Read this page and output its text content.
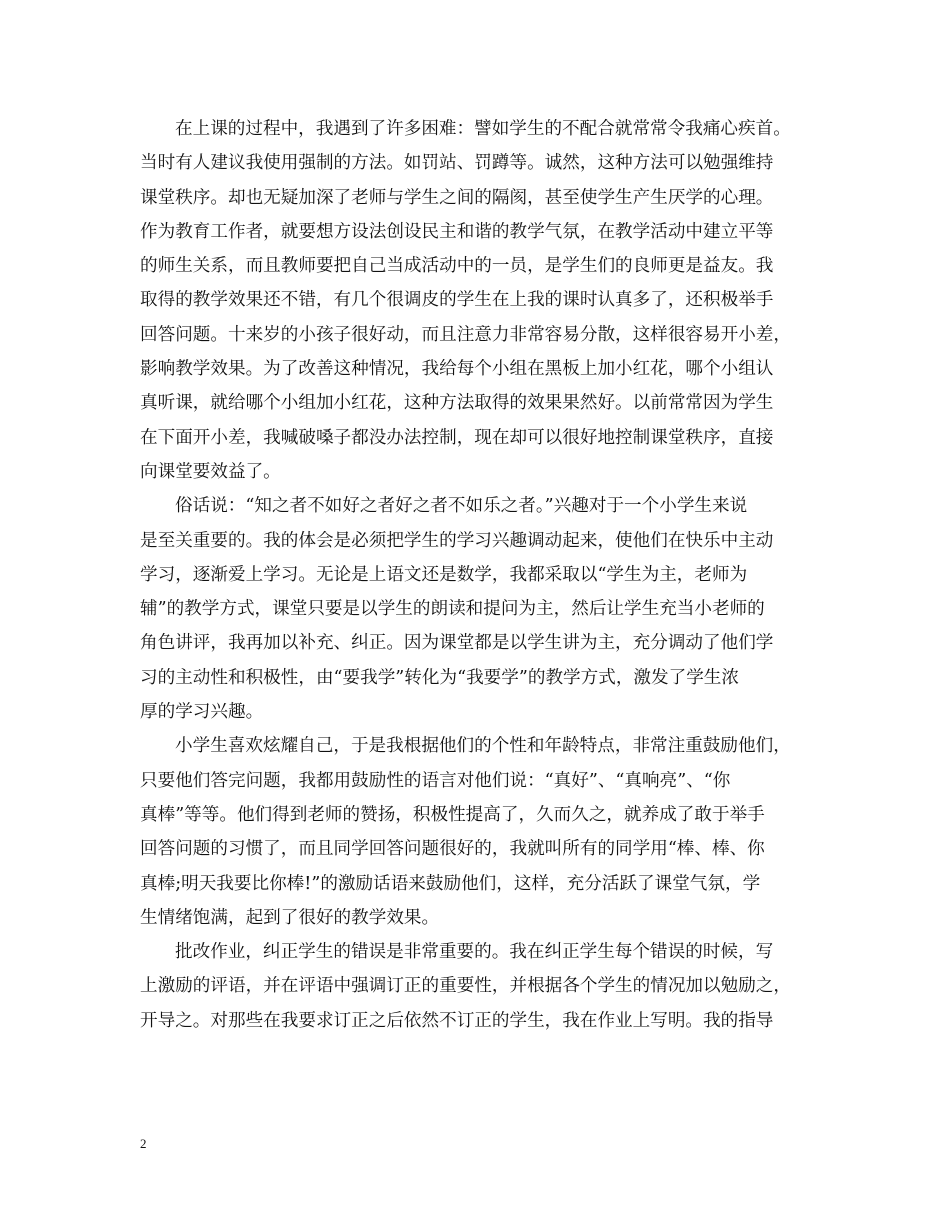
在上课的过程中，我遇到了许多困难：譬如学生的不配合就常常令我痛心疾首。
当时有人建议我使用强制的方法。如罚站、罚蹲等。诚然，这种方法可以勉强维持
课堂秩序。却也无疑加深了老师与学生之间的隔阂，甚至使学生产生厌学的心理。
作为教育工作者，就要想方设法创设民主和谐的教学气氛，在教学活动中建立平等
的师生关系，而且教师要把自己当成活动中的一员，是学生们的良师更是益友。我
取得的教学效果还不错，有几个很调皮的学生在上我的课时认真多了，还积极举手
回答问题。十来岁的小孩子很好动，而且注意力非常容易分散，这样很容易开小差，
影响教学效果。为了改善这种情况，我给每个小组在黑板上加小红花，哪个小组认
真听课，就给哪个小组加小红花，这种方法取得的效果果然好。以前常常因为学生
在下面开小差，我喊破嗓子都没办法控制，现在却可以很好地控制课堂秩序，直接
向课堂要效益了。
俗话说：“知之者不如好之者好之者不如乐之者。”兴趣对于一个小学生来说
是至关重要的。我的体会是必须把学生的学习兴趣调动起来，使他们在快乐中主动
学习，逐渐爱上学习。无论是上语文还是数学，我都采取以“学生为主，老师为
辅”的教学方式，课堂只要是以学生的朗读和提问为主，然后让学生充当小老师的
角色讲评，我再加以补充、纠正。因为课堂都是以学生讲为主，充分调动了他们学
习的主动性和积极性，由“要我学”转化为“我要学”的教学方式，激发了学生浓
厚的学习兴趣。
小学生喜欢炫耀自己，于是我根据他们的个性和年龄特点，非常注重鼓励他们，
只要他们答完问题，我都用鼓励性的语言对他们说：“真好”、“真响亮”、“你
真棒”等等。他们得到老师的赞扬，积极性提高了，久而久之，就养成了敢于举手
回答问题的习惯了，而且同学回答问题很好的，我就叫所有的同学用“棒、棒、你
真棒;明天我要比你棒!”的激励话语来鼓励他们，这样，充分活跃了课堂气氛，学
生情绪饱满，起到了很好的教学效果。
批改作业，纠正学生的错误是非常重要的。我在纠正学生每个错误的时候，写
上激励的评语，并在评语中强调订正的重要性，并根据各个学生的情况加以勉励之，
开导之。对那些在我要求订正之后依然不订正的学生，我在作业上写明。我的指导
2
